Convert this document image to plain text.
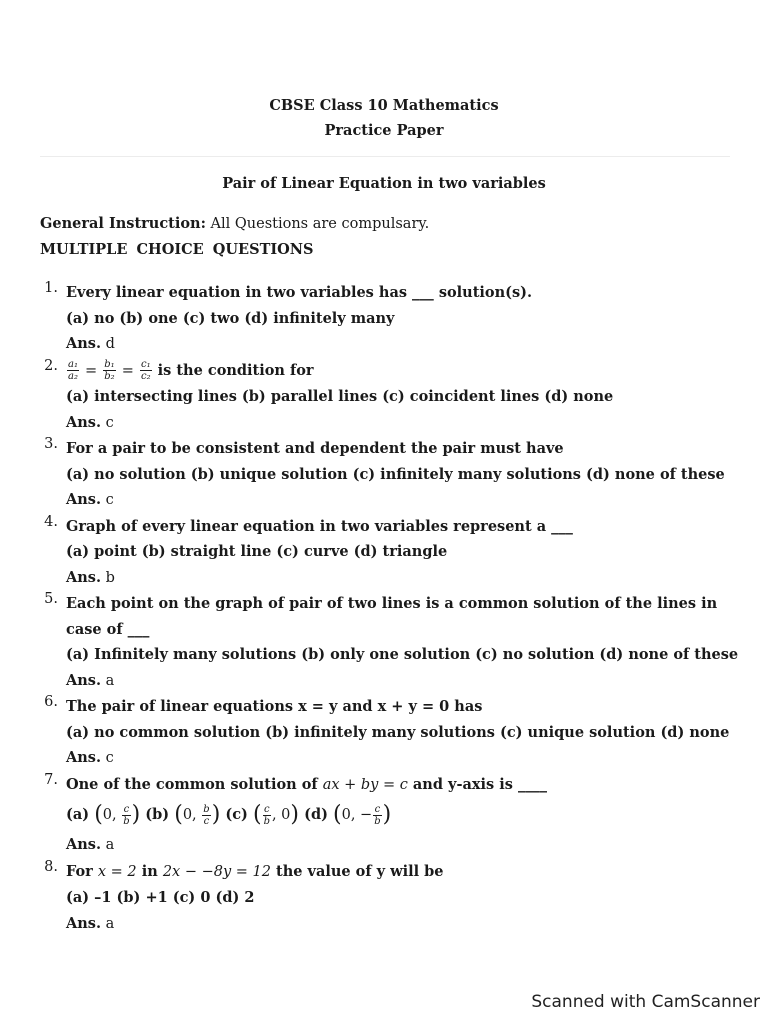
CBSE Class 10 Mathematics
Practice Paper
Pair of Linear Equation in two variables
General Instruction: All Questions are compulsary.
MULTIPLE CHOICE QUESTIONS
1. Every linear equation in two variables has ___ solution(s).
(a) no (b) one (c) two (d) infinitely many
Ans. d
2. $\frac{\text{a₁}}{\text{a₂}} = \frac{\text{b₁}}{\text{b₂}} = \frac{\text{c₁}}{\text{c₂}}$ is the condition for
(a) intersecting lines (b) parallel lines (c) coincident lines (d) none
Ans. c
3. For a pair to be consistent and dependent the pair must have
(a) no solution (b) unique solution (c) infinitely many solutions (d) none of these
Ans. c
4. Graph of every linear equation in two variables represent a ___
(a) point (b) straight line (c) curve (d) triangle
Ans. b
5. Each point on the graph of pair of two lines is a common solution of the lines in case of ___
(a) Infinitely many solutions (b) only one solution (c) no solution (d) none of these
Ans. a
6. The pair of linear equations x = y and x + y = 0 has
(a) no common solution (b) infinitely many solutions (c) unique solution (d) none
Ans. c
7. One of the common solution of ax + by = c and y-axis is ____
(a) (0, $\frac{c}{b}$ ) (b) (0, $\frac{b}{c}$ ) (c) ( $\frac{c}{b}$ , 0) (d) (0, − $\frac{c}{b}$ )
Ans. a
8. For x = 2 in 2x − −8y = 12 the value of y will be
(a) –1 (b) +1 (c) 0 (d) 2
Ans. a
Scanned with CamScanner
